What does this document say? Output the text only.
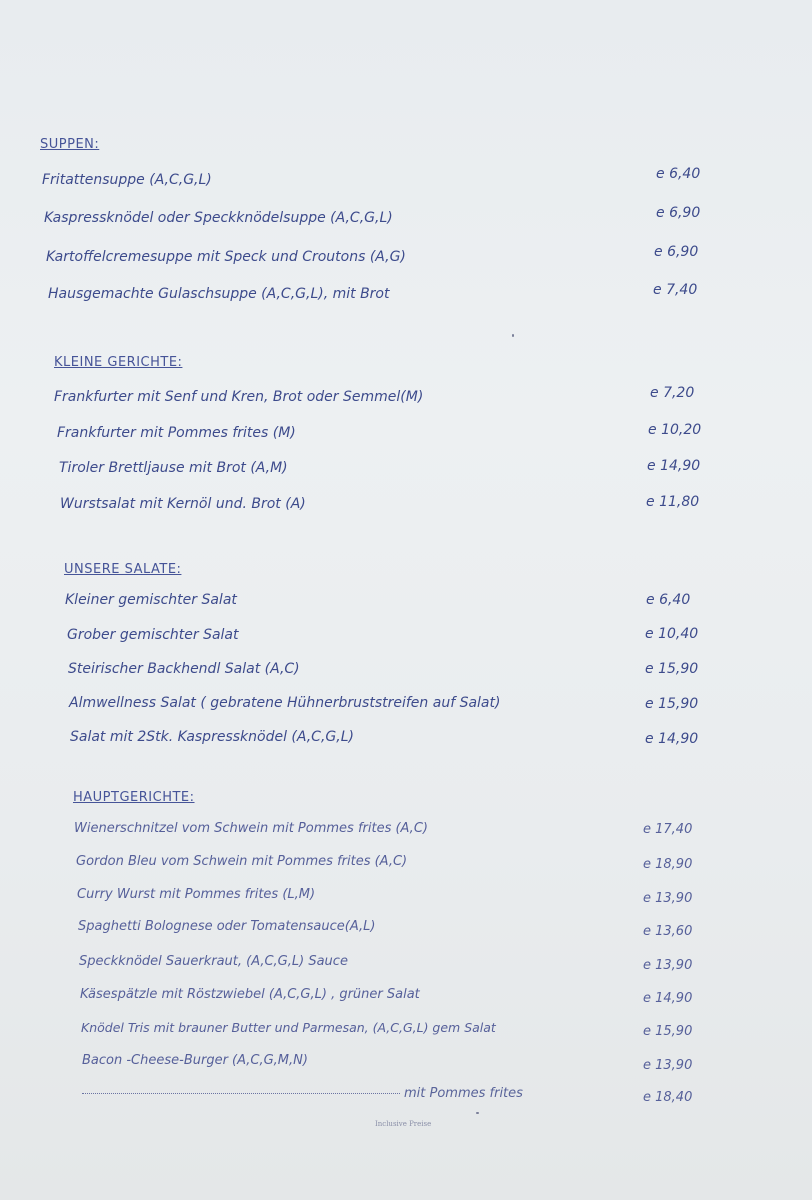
SUPPEN:
Fritattensuppe (A,C,G,L)	e 6,40
Kaspressknödel oder Speckknödelsuppe (A,C,G,L)	e 6,90
Kartoffelcremesuppe mit Speck und Croutons (A,G)	e 6,90
Hausgemachte Gulaschsuppe (A,C,G,L), mit Brot	e 7,40
KLEINE GERICHTE:
Frankfurter mit Senf und Kren, Brot oder Semmel(M)	e 7,20
Frankfurter mit Pommes frites (M)	e 10,20
Tiroler Brettljause mit Brot (A,M)	e 14,90
Wurstsalat mit Kernöl und. Brot (A)	e 11,80
UNSERE SALATE:
Kleiner gemischter Salat	e 6,40
Grober gemischter Salat	e 10,40
Steirischer Backhendl Salat (A,C)	e 15,90
Almwellness Salat ( gebratene Hühnerbruststreifen auf Salat)	e 15,90
Salat mit 2Stk. Kaspressknödel (A,C,G,L)	e 14,90
HAUPTGERICHTE:
Wienerschnitzel vom Schwein mit Pommes frites (A,C)	e 17,40
Gordon Bleu vom Schwein mit Pommes frites (A,C)	e 18,90
Curry Wurst mit Pommes frites (L,M)	e 13,90
Spaghetti Bolognese oder Tomatensauce(A,L)	e 13,60
Speckknödel Sauerkraut, (A,C,G,L) Sauce	e 13,90
Käsespätzle mit Röstzwiebel (A,C,G,L) , grüner Salat	e 14,90
Knödel Tris mit brauner Butter und Parmesan, (A,C,G,L) gem Salat	e 15,90
Bacon -Cheese-Burger (A,C,G,M,N)	e 13,90
mit Pommes frites	e 18,40
Inclusive Preise
